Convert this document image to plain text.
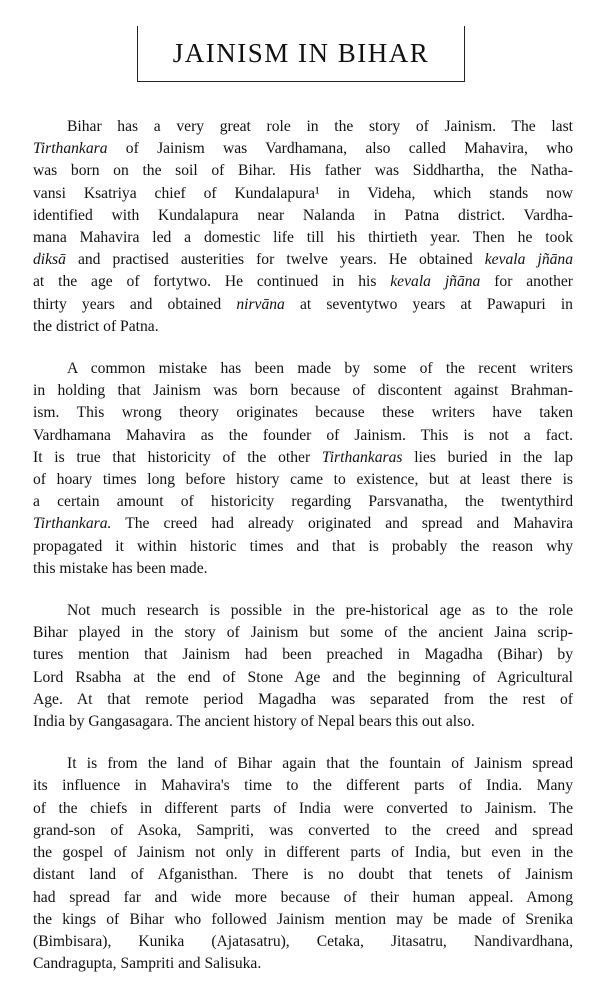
JAINISM IN BIHAR
Bihar has a very great role in the story of Jainism. The last
Tirthankara of Jainism was Vardhamana, also called Mahavira, who
was born on the soil of Bihar. His father was Siddhartha, the Natha-
vansi Ksatriya chief of Kundalapura¹ in Videha, which stands now
identified with Kundalapura near Nalanda in Patna district. Vardha-
mana Mahavira led a domestic life till his thirtieth year. Then he took
diksā and practised austerities for twelve years. He obtained kevala jñāna
at the age of fortytwo. He continued in his kevala jñāna for another
thirty years and obtained nirvāna at seventytwo years at Pawapuri in
the district of Patna.
A common mistake has been made by some of the recent writers
in holding that Jainism was born because of discontent against Brahman-
ism. This wrong theory originates because these writers have taken
Vardhamana Mahavira as the founder of Jainism. This is not a fact.
It is true that historicity of the other Tirthankaras lies buried in the lap
of hoary times long before history came to existence, but at least there is
a certain amount of historicity regarding Parsvanatha, the twentythird
Tirthankara. The creed had already originated and spread and Mahavira
propagated it within historic times and that is probably the reason why
this mistake has been made.
Not much research is possible in the pre-historical age as to the role
Bihar played in the story of Jainism but some of the ancient Jaina scrip-
tures mention that Jainism had been preached in Magadha (Bihar) by
Lord Rsabha at the end of Stone Age and the beginning of Agricultural
Age. At that remote period Magadha was separated from the rest of
India by Gangasagara. The ancient history of Nepal bears this out also.
It is from the land of Bihar again that the fountain of Jainism spread
its influence in Mahavira's time to the different parts of India. Many
of the chiefs in different parts of India were converted to Jainism. The
grand-son of Asoka, Sampriti, was converted to the creed and spread
the gospel of Jainism not only in different parts of India, but even in the
distant land of Afganisthan. There is no doubt that tenets of Jainism
had spread far and wide more because of their human appeal. Among
the kings of Bihar who followed Jainism mention may be made of Srenika
(Bimbisara), Kunika (Ajatasatru), Cetaka, Jitasatru, Nandivardhana,
Candragupta, Sampriti and Salisuka.
